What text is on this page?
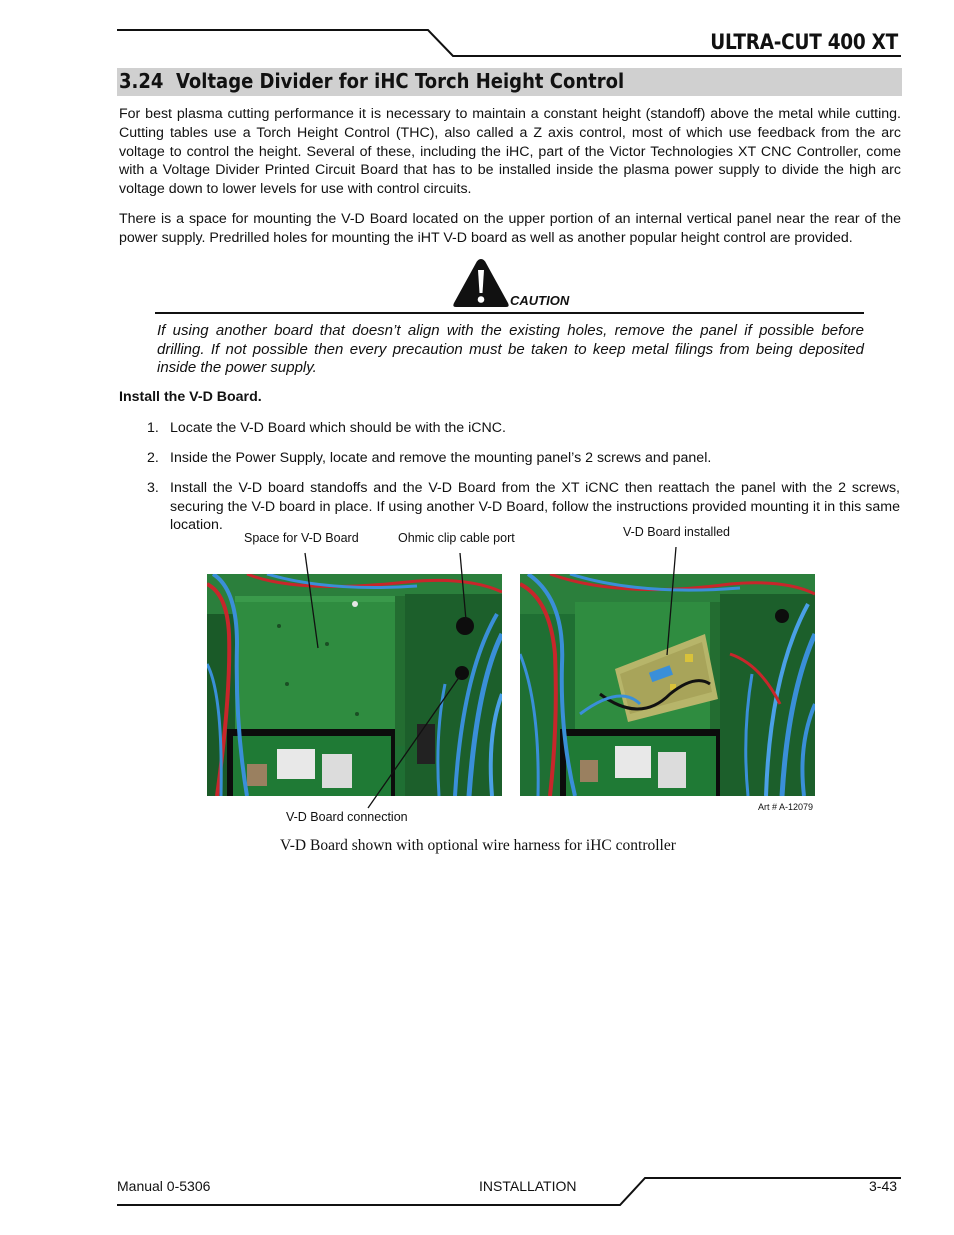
ULTRA-CUT 400 XT
3.24 Voltage Divider for iHC Torch Height Control
For best plasma cutting performance it is necessary to maintain a constant height (standoff) above the metal while cutting. Cutting tables use a Torch Height Control (THC), also called a Z axis control, most of which use feedback from the arc voltage to control the height. Several of these, including the iHC, part of the Victor Technologies XT CNC Controller, come with a Voltage Divider Printed Circuit Board that has to be installed inside the plasma power supply to divide the high arc voltage down to lower levels for use with control circuits.
There is a space for mounting the V-D Board located on the upper portion of an internal vertical panel near the rear of the power supply. Predrilled holes for mounting the iHT V-D board as well as another popular height control are provided.
CAUTION
If using another board that doesn’t align with the existing holes, remove the panel if possible before drilling. If not possible then every precaution must be taken to keep metal filings from being deposited inside the power supply.
Install the V-D Board.
1. Locate the V-D Board which should be with the iCNC.
2. Inside the Power Supply, locate and remove the mounting panel’s 2 screws and panel.
3. Install the V-D board standoffs and the V-D Board from the XT iCNC then reattach the panel with the 2 screws, securing the V-D board in place. If using another V-D Board, follow the instructions provided mounting it in this same location.
Space for V-D Board	Ohmic clip cable port	V-D Board installed
V-D Board connection
Art # A-12079
V-D Board shown with optional wire harness for iHC controller
Manual 0-5306	INSTALLATION	3-43
